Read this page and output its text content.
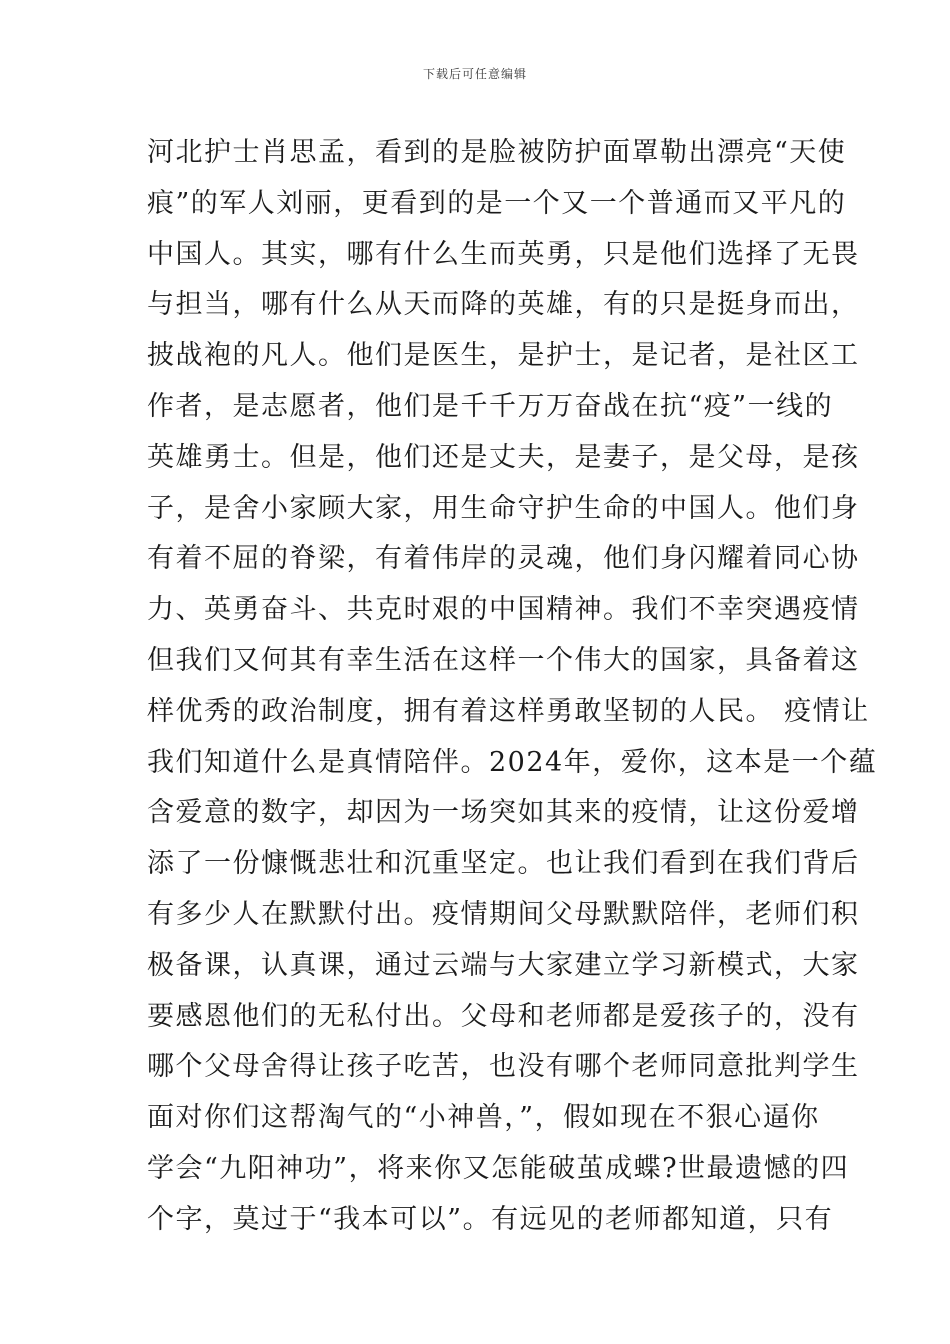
下载后可任意编辑
河北护士肖思孟，看到的是脸被防护面罩勒出漂亮“天使
痕”的军人刘丽，更看到的是一个又一个普通而又平凡的
中国人。其实，哪有什么生而英勇，只是他们选择了无畏
与担当，哪有什么从天而降的英雄，有的只是挺身而出，
披战袍的凡人。他们是医生，是护士，是记者，是社区工
作者，是志愿者，他们是千千万万奋战在抗“疫”一线的
英雄勇士。但是，他们还是丈夫，是妻子，是父母，是孩
子，是舍小家顾大家，用生命守护生命的中国人。他们身
有着不屈的脊梁，有着伟岸的灵魂，他们身闪耀着同心协
力、英勇奋斗、共克时艰的中国精神。我们不幸突遇疫情
但我们又何其有幸生活在这样一个伟大的国家，具备着这
样优秀的政治制度，拥有着这样勇敢坚韧的人民。 疫情让
我们知道什么是真情陪伴。2024年，爱你，这本是一个蕴
含爱意的数字，却因为一场突如其来的疫情，让这份爱增
添了一份慷慨悲壮和沉重坚定。也让我们看到在我们背后
有多少人在默默付出。疫情期间父母默默陪伴，老师们积
极备课，认真课，通过云端与大家建立学习新模式，大家
要感恩他们的无私付出。父母和老师都是爱孩子的，没有
哪个父母舍得让孩子吃苦，也没有哪个老师同意批判学生
面对你们这帮淘气的“小神兽，”，假如现在不狠心逼你
学会“九阳神功”，将来你又怎能破茧成蝶?世最遗憾的四
个字，莫过于“我本可以”。有远见的老师都知道，只有
